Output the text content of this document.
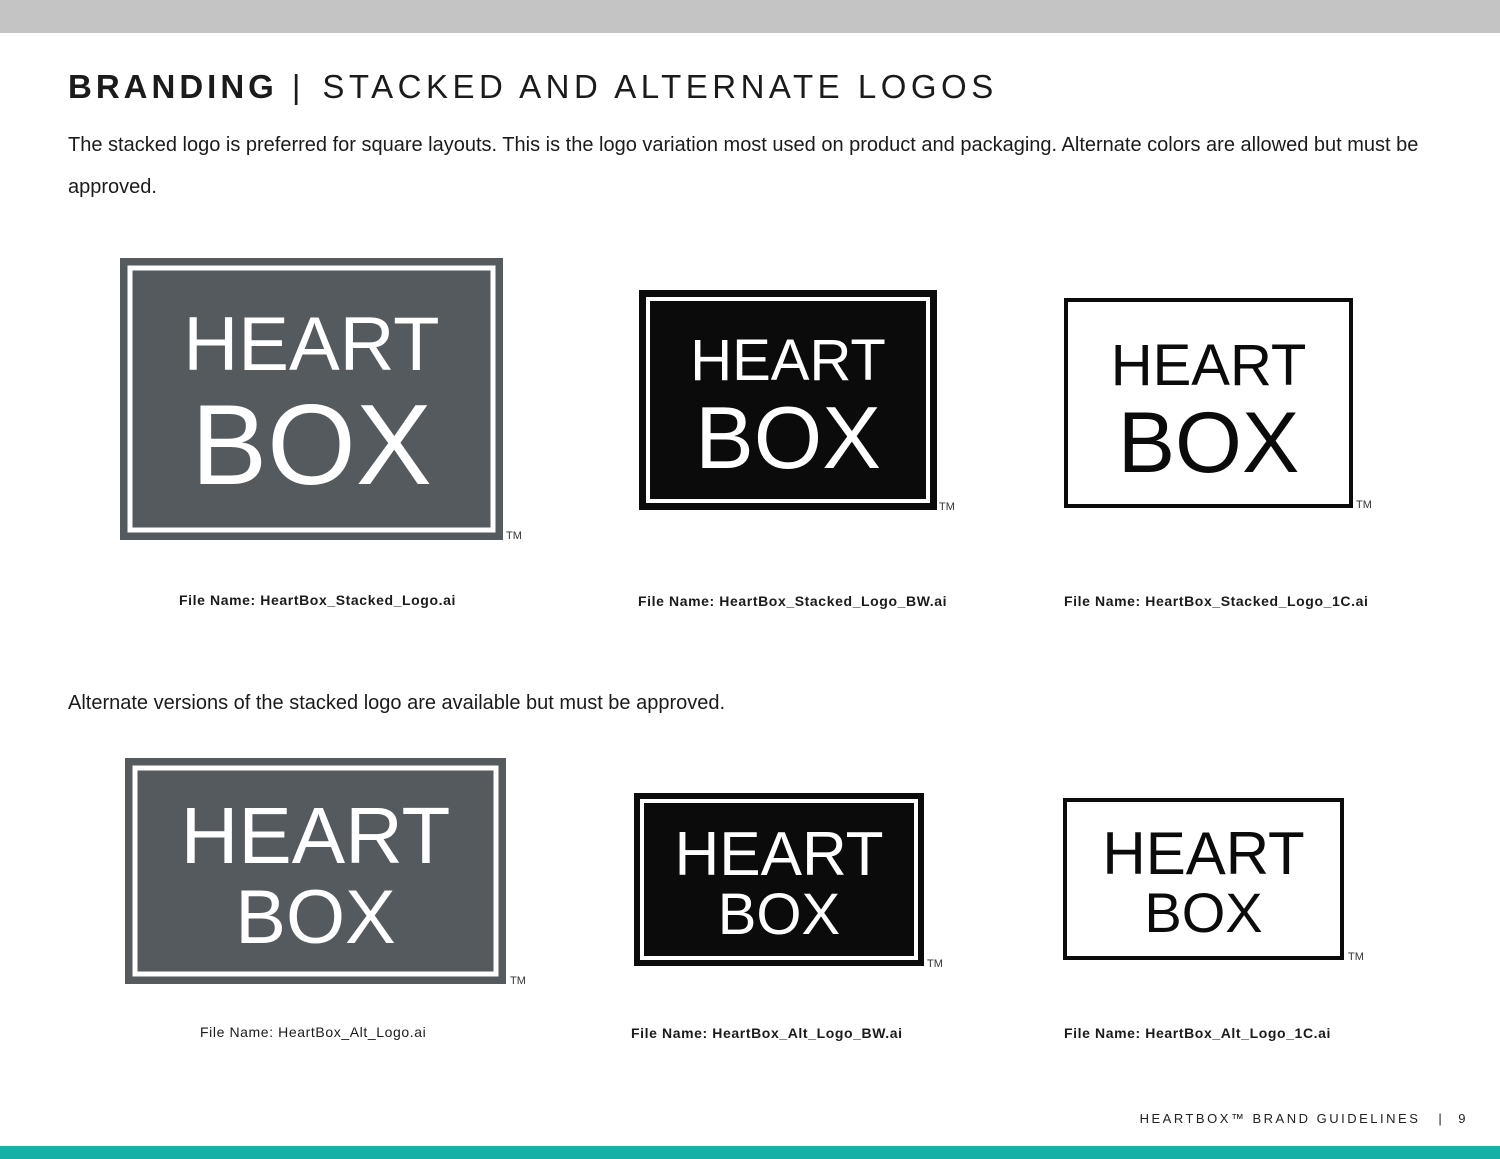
BRANDING | STACKED AND ALTERNATE LOGOS
The stacked logo is preferred for square layouts. This is the logo variation most used on product and packaging. Alternate colors are allowed but must be approved.
HEART
BOX
TM
File Name: HeartBox_Stacked_Logo.ai
HEART
BOX
TM
File Name: HeartBox_Stacked_Logo_BW.ai
HEART
BOX
TM
File Name: HeartBox_Stacked_Logo_1C.ai
Alternate versions of the stacked logo are available but must be approved.
HEART
BOX
TM
File Name: HeartBox_Alt_Logo.ai
HEART
BOX
TM
File Name: HeartBox_Alt_Logo_BW.ai
HEART
BOX
TM
File Name: HeartBox_Alt_Logo_1C.ai
HEARTBOX™ BRAND GUIDELINES | 9
